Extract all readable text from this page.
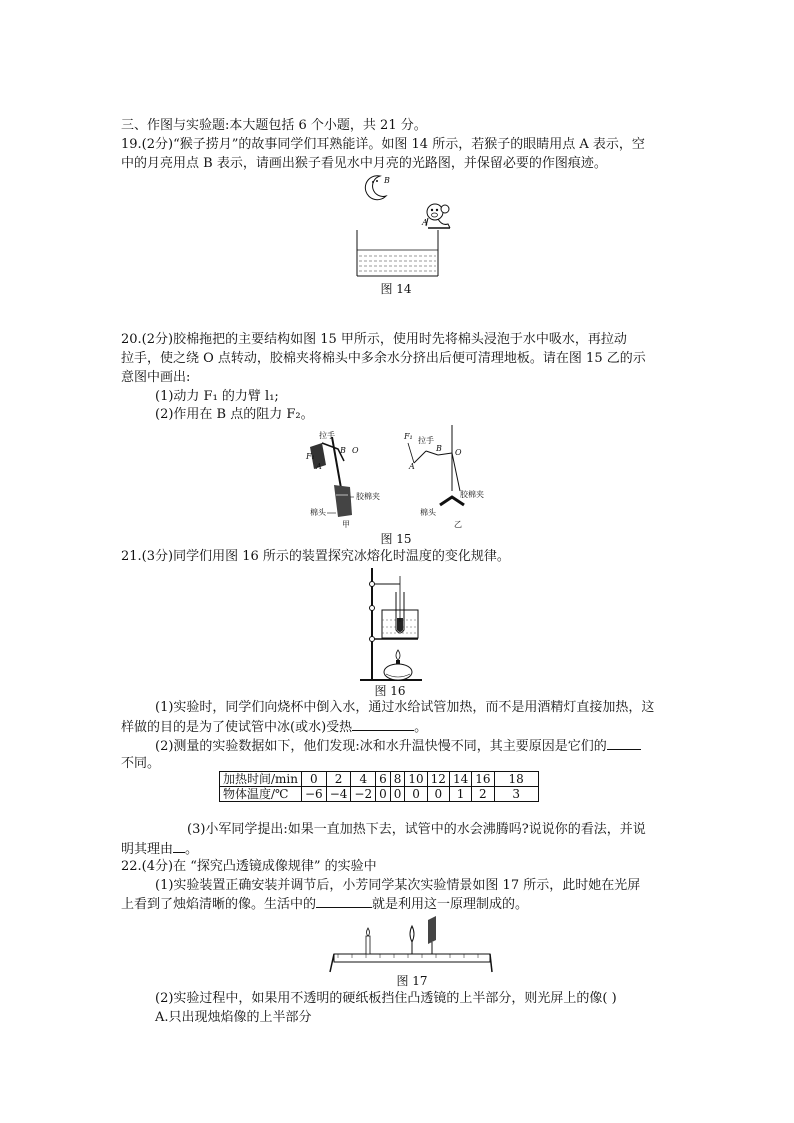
三、作图与实验题:本大题包括 6 个小题，共 21 分。
19.(2分)“猴子捞月”的故事同学们耳熟能详。如图 14 所示，若猴子的眼睛用点 A 表示，空
中的月亮用点 B 表示，请画出猴子看见水中月亮的光路图，并保留必要的作图痕迹。
B
A
图 14
20.(2分)胶棉拖把的主要结构如图 15 甲所示，使用时先将棉头浸泡于水中吸水，再拉动
拉手，使之绕 O 点转动，胶棉夹将棉头中多余水分挤出后便可清理地板。请在图 15 乙的示
意图中画出:
(1)动力 F₁ 的力臂 l₁;
(2)作用在 B 点的阻力 F₂。
拉手
F₁
A
B O
胶棉夹
棉头
甲
F₁ 拉手
A
B O
胶棉夹
棉头
乙
图 15
21.(3分)同学们用图 16 所示的装置探究冰熔化时温度的变化规律。
图 16
(1)实验时，同学们向烧杯中倒入水，通过水给试管加热，而不是用酒精灯直接加热，这
样做的目的是为了使试管中冰(或水)受热	。
(2)测量的实验数据如下，他们发现:冰和水升温快慢不同，其主要原因是它们的
不同。
加热时间/min	0	2	4	6	8	10	12	14	16	18
物体温度/℃	−6	−4	−2	0	0	0	0	1	2	3
(3)小军同学提出:如果一直加热下去，试管中的水会沸腾吗?说说你的看法，并说
明其理由 。
22.(4分)在 “探究凸透镜成像规律” 的实验中
(1)实验装置正确安装并调节后，小芳同学某次实验情景如图 17 所示，此时她在光屏
上看到了烛焰清晰的像。生活中的	就是利用这一原理制成的。
图 17
(2)实验过程中，如果用不透明的硬纸板挡住凸透镜的上半部分，则光屏上的像( )
A.只出现烛焰像的上半部分
